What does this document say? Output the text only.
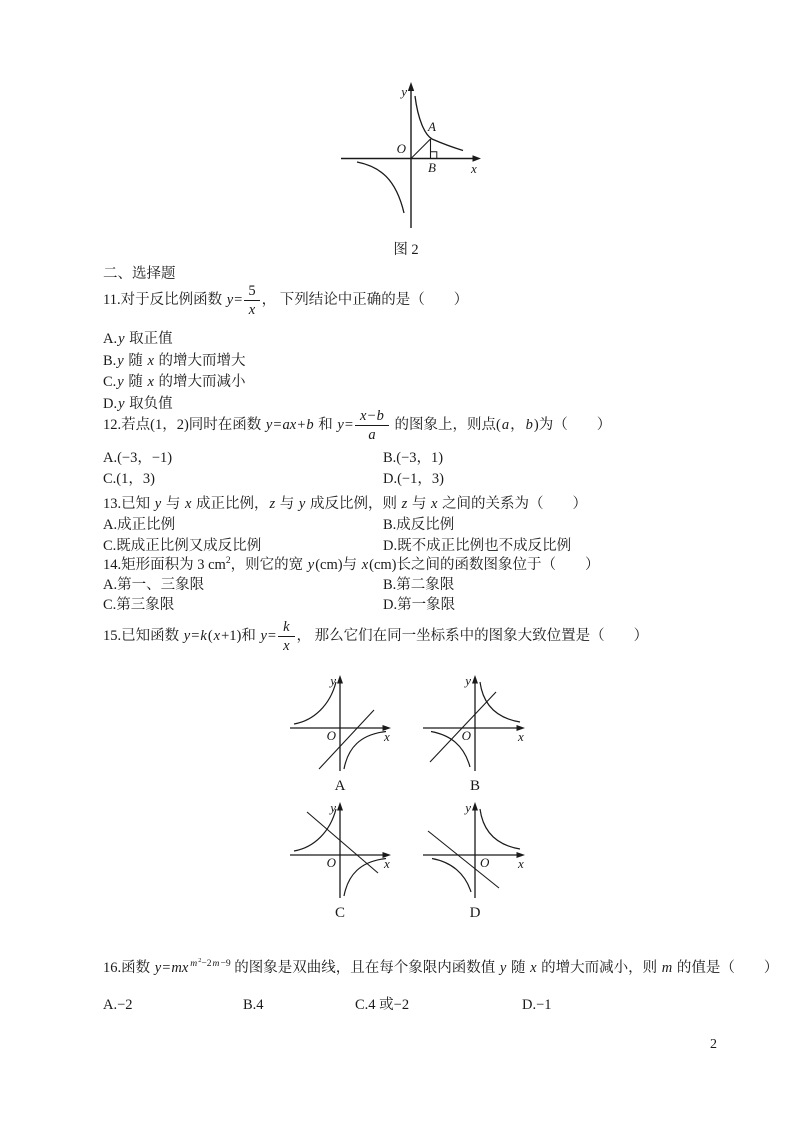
y
x
O
A
B
图 2
二、选择题
11.对于反比例函数 $y= \frac{5}{x}$ ， 下列结论中正确的是（　　）
A.y 取正值
B.y 随 x 的增大而增大
C.y 随 x 的增大而减小
D.y 取负值
12.若点(1，2)同时在函数 y=ax+b 和 $y= \frac{x-b}{a}$ 的图象上，则点(a，b)为（　　）
A.(−3，−1)	B.(−3，1)
C.(1，3)	D.(−1，3)
13.已知 y 与 x 成正比例，z 与 y 成反比例，则 z 与 x 之间的关系为（　　）
A.成正比例	B.成反比例
C.既成正比例又成反比例	D.既不成正比例也不成反比例
14.矩形面积为 3 $cm^2$，则它的宽 y(cm)与 x(cm)长之间的函数图象位于（　　）
A.第一、三象限	B.第二象限
C.第三象限	D.第一象限
15.已知函数 y=k(x+1)和 $y= \frac{k}{x}$ ， 那么它们在同一坐标系中的图象大致位置是（　　）
y
x
O
A
y
x
O
B
y
x
O
C
y
x
O
D
16.函数 y=mx $^{m^2-2m-9}$ 的图象是双曲线，且在每个象限内函数值 y 随 x 的增大而减小，则 m 的值是（　　）
A.−2	B.4	C.4 或−2	D.−1
2
